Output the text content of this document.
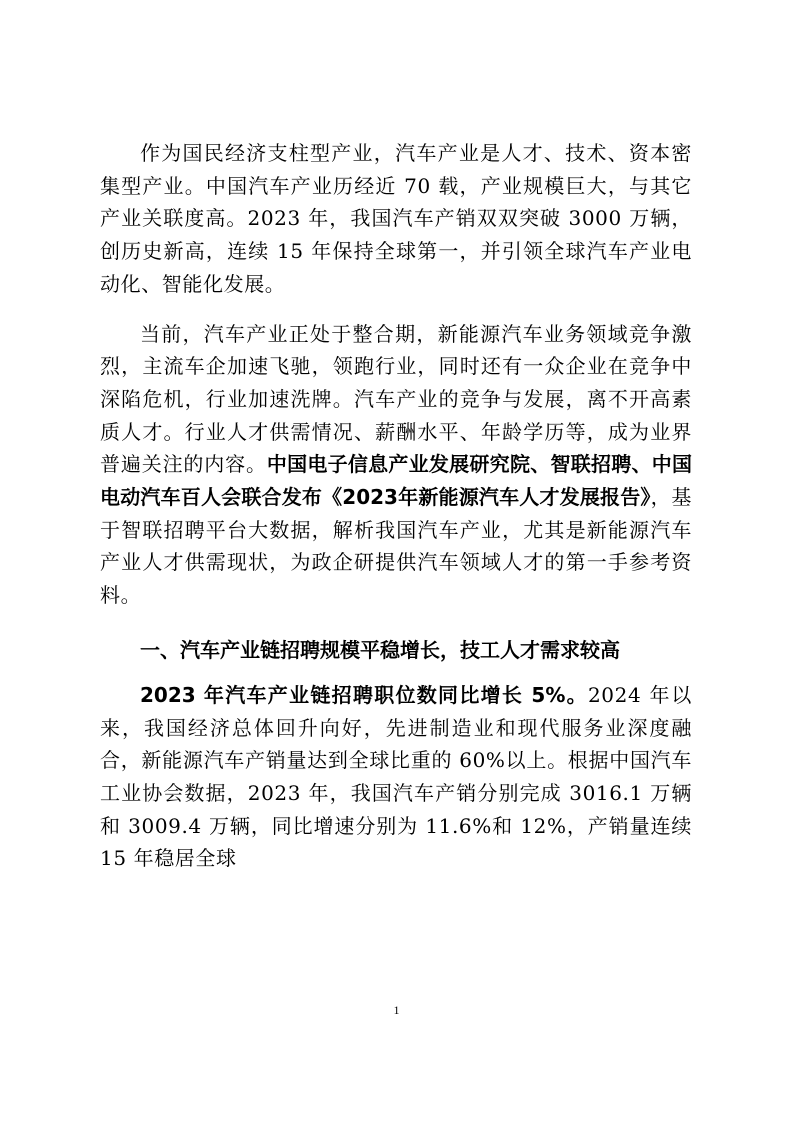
作为国民经济支柱型产业，汽车产业是人才、技术、资本密集型产业。中国汽车产业历经近 70 载，产业规模巨大，与其它产业关联度高。2023 年，我国汽车产销双双突破 3000 万辆，创历史新高，连续 15 年保持全球第一，并引领全球汽车产业电动化、智能化发展。

当前，汽车产业正处于整合期，新能源汽车业务领域竞争激烈，主流车企加速飞驰，领跑行业，同时还有一众企业在竞争中深陷危机，行业加速洗牌。汽车产业的竞争与发展，离不开高素质人才。行业人才供需情况、薪酬水平、年龄学历等，成为业界普遍关注的内容。中国电子信息产业发展研究院、智联招聘、中国电动汽车百人会联合发布《2023年新能源汽车人才发展报告》，基于智联招聘平台大数据，解析我国汽车产业，尤其是新能源汽车产业人才供需现状，为政企研提供汽车领域人才的第一手参考资料。

一、汽车产业链招聘规模平稳增长，技工人才需求较高

2023 年汽车产业链招聘职位数同比增长 5%。2024 年以来，我国经济总体回升向好，先进制造业和现代服务业深度融合，新能源汽车产销量达到全球比重的 60%以上。根据中国汽车工业协会数据，2023 年，我国汽车产销分别完成 3016.1 万辆和 3009.4 万辆，同比增速分别为 11.6%和 12%，产销量连续 15 年稳居全球

1
